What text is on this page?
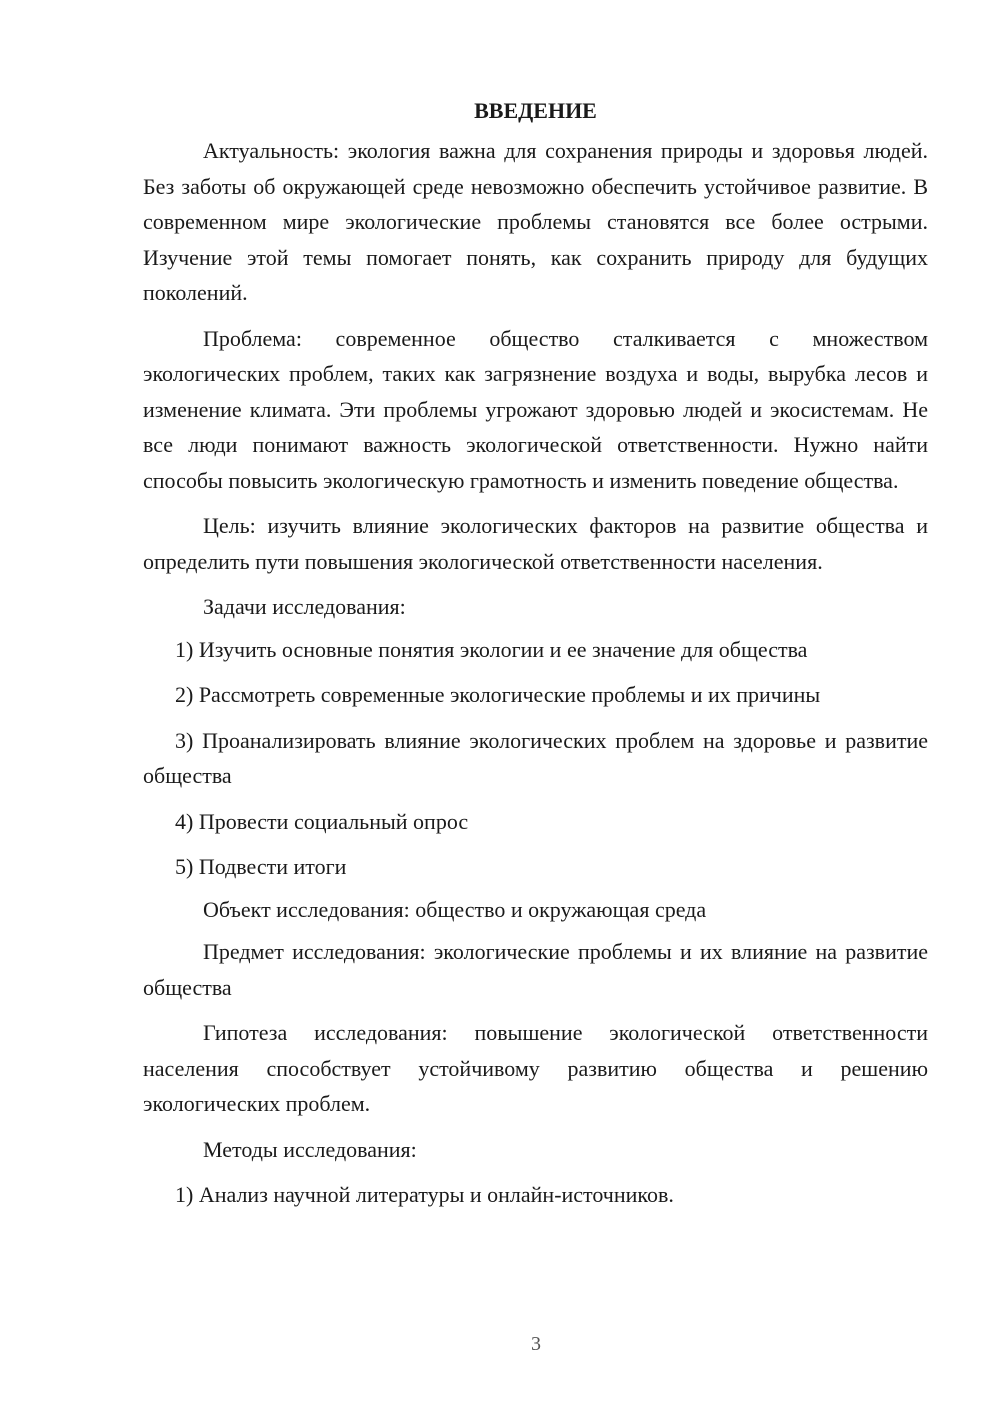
ВВЕДЕНИЕ

Актуальность: экология важна для сохранения природы и здоровья людей. Без заботы об окружающей среде невозможно обеспечить устойчивое развитие. В современном мире экологические проблемы становятся все более острыми. Изучение этой темы помогает понять, как сохранить природу для будущих поколений.

Проблема: современное общество сталкивается с множеством экологических проблем, таких как загрязнение воздуха и воды, вырубка лесов и изменение климата. Эти проблемы угрожают здоровью людей и экосистемам. Не все люди понимают важность экологической ответственности. Нужно найти способы повысить экологическую грамотность и изменить поведение общества.

Цель: изучить влияние экологических факторов на развитие общества и определить пути повышения экологической ответственности населения.

Задачи исследования:

1) Изучить основные понятия экологии и ее значение для общества

2) Рассмотреть современные экологические проблемы и их причины

3) Проанализировать влияние экологических проблем на здоровье и развитие общества

4) Провести социальный опрос

5) Подвести итоги

Объект исследования: общество и окружающая среда

Предмет исследования: экологические проблемы и их влияние на развитие общества

Гипотеза исследования: повышение экологической ответственности населения способствует устойчивому развитию общества и решению экологических проблем.

Методы исследования:

1) Анализ научной литературы и онлайн-источников.

3
